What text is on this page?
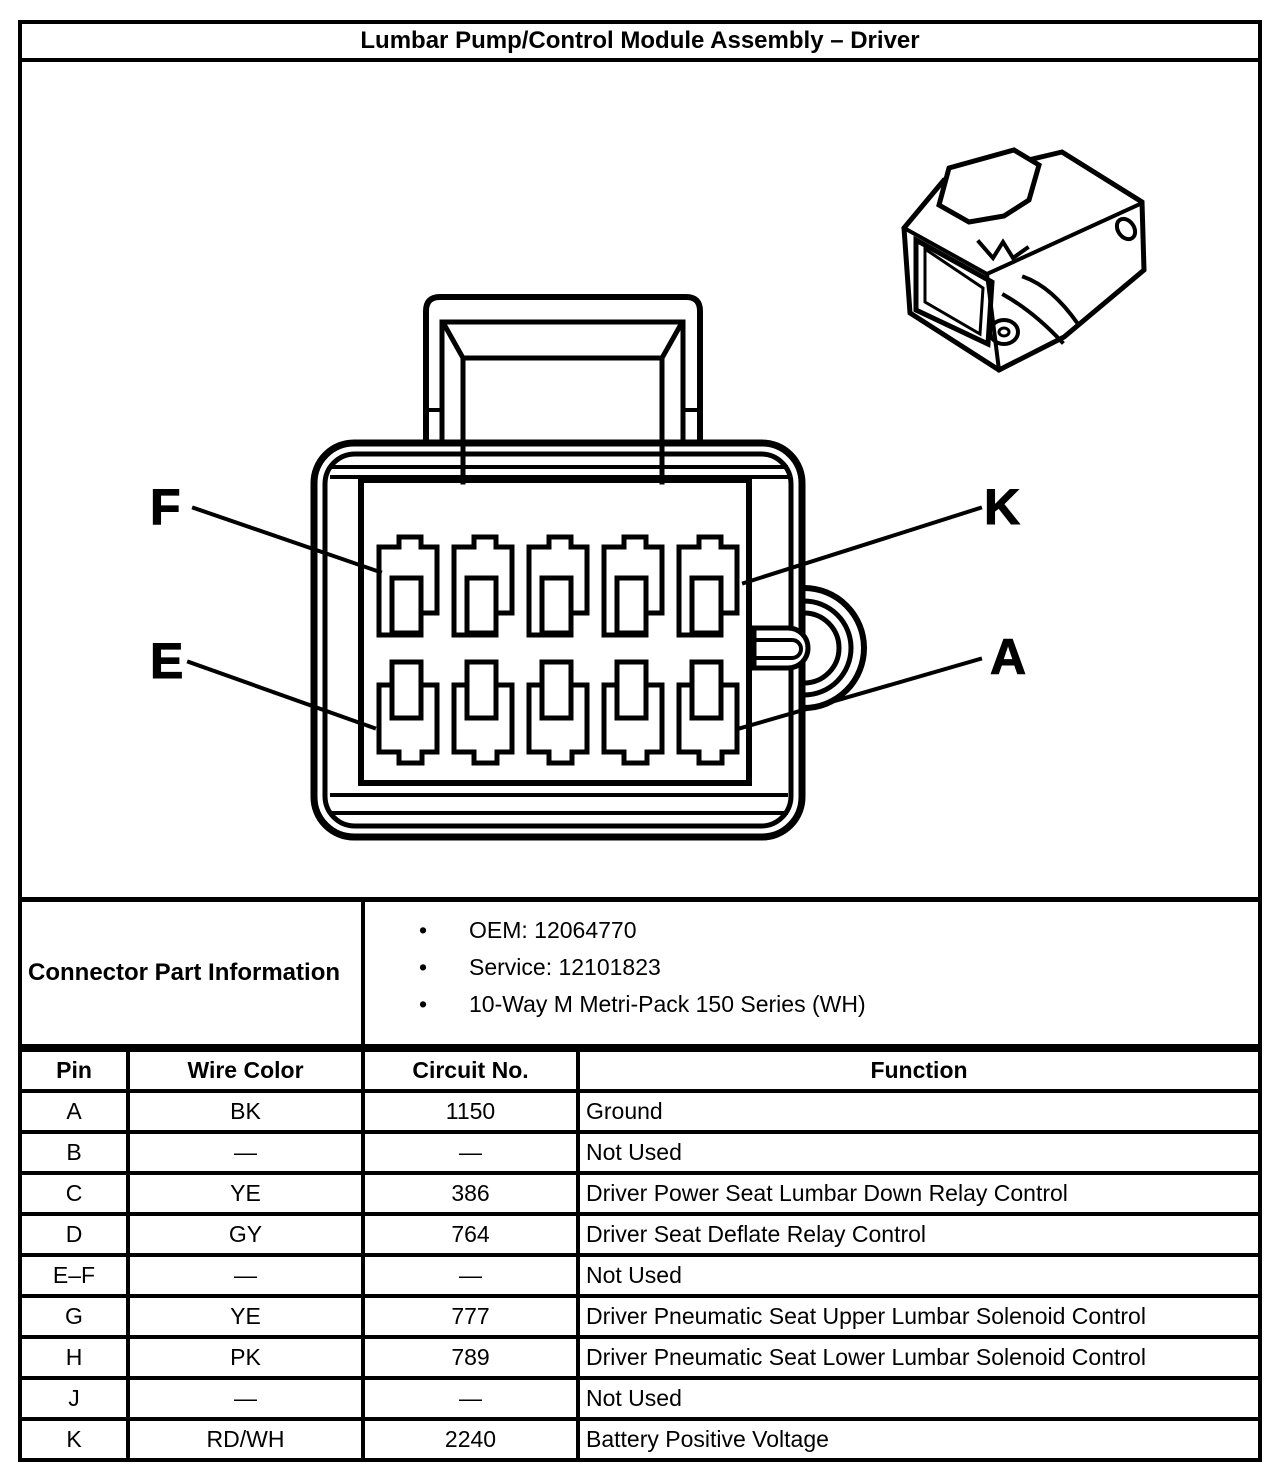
Lumbar Pump/Control Module Assembly – Driver
F
E
K
A
Connector Part Information
• OEM: 12064770
• Service: 12101823
• 10-Way M Metri-Pack 150 Series (WH)
Pin	Wire Color	Circuit No.	Function
A	BK	1150	Ground
B	—	—	Not Used
C	YE	386	Driver Power Seat Lumbar Down Relay Control
D	GY	764	Driver Seat Deflate Relay Control
E–F	—	—	Not Used
G	YE	777	Driver Pneumatic Seat Upper Lumbar Solenoid Control
H	PK	789	Driver Pneumatic Seat Lower Lumbar Solenoid Control
J	—	—	Not Used
K	RD/WH	2240	Battery Positive Voltage
